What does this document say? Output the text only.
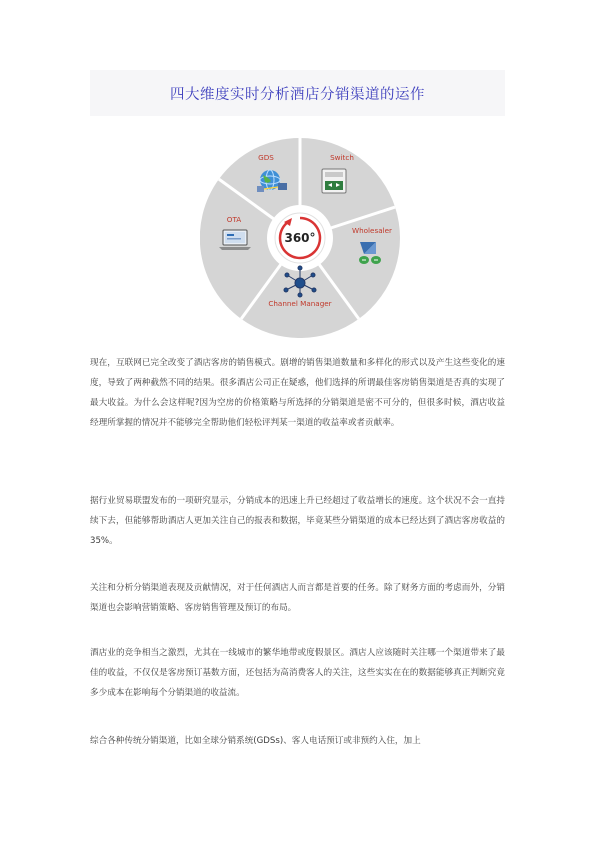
四大维度实时分析酒店分销渠道的运作
360°
GDS	Switch
Wholesaler
Channel Manager
OTA

现在，互联网已完全改变了酒店客房的销售模式。剧增的销售渠道数量和多样化的形式以及产生这些变化的速度，导致了两种截然不同的结果。很多酒店公司正在疑惑，他们选择的所谓最佳客房销售渠道是否真的实现了最大收益。为什么会这样呢?因为空房的价格策略与所选择的分销渠道是密不可分的，但很多时候，酒店收益经理所掌握的情况并不能够完全帮助他们轻松评判某一渠道的收益率或者贡献率。

据行业贸易联盟发布的一项研究显示，分销成本的迅速上升已经超过了收益增长的速度。这个状况不会一直持续下去，但能够帮助酒店人更加关注自己的报表和数据，毕竟某些分销渠道的成本已经达到了酒店客房收益的35%。

关注和分析分销渠道表现及贡献情况，对于任何酒店人而言都是首要的任务。除了财务方面的考虑而外，分销渠道也会影响营销策略、客房销售管理及预订的布局。

酒店业的竞争相当之激烈，尤其在一线城市的繁华地带或度假景区。酒店人应该随时关注哪一个渠道带来了最佳的收益，不仅仅是客房预订基数方面，还包括为高消费客人的关注，这些实实在在的数据能够真正判断究竟多少成本在影响每个分销渠道的收益流。

综合各种传统分销渠道，比如全球分销系统(GDSs)、客人电话预订或非预约入住，加上
